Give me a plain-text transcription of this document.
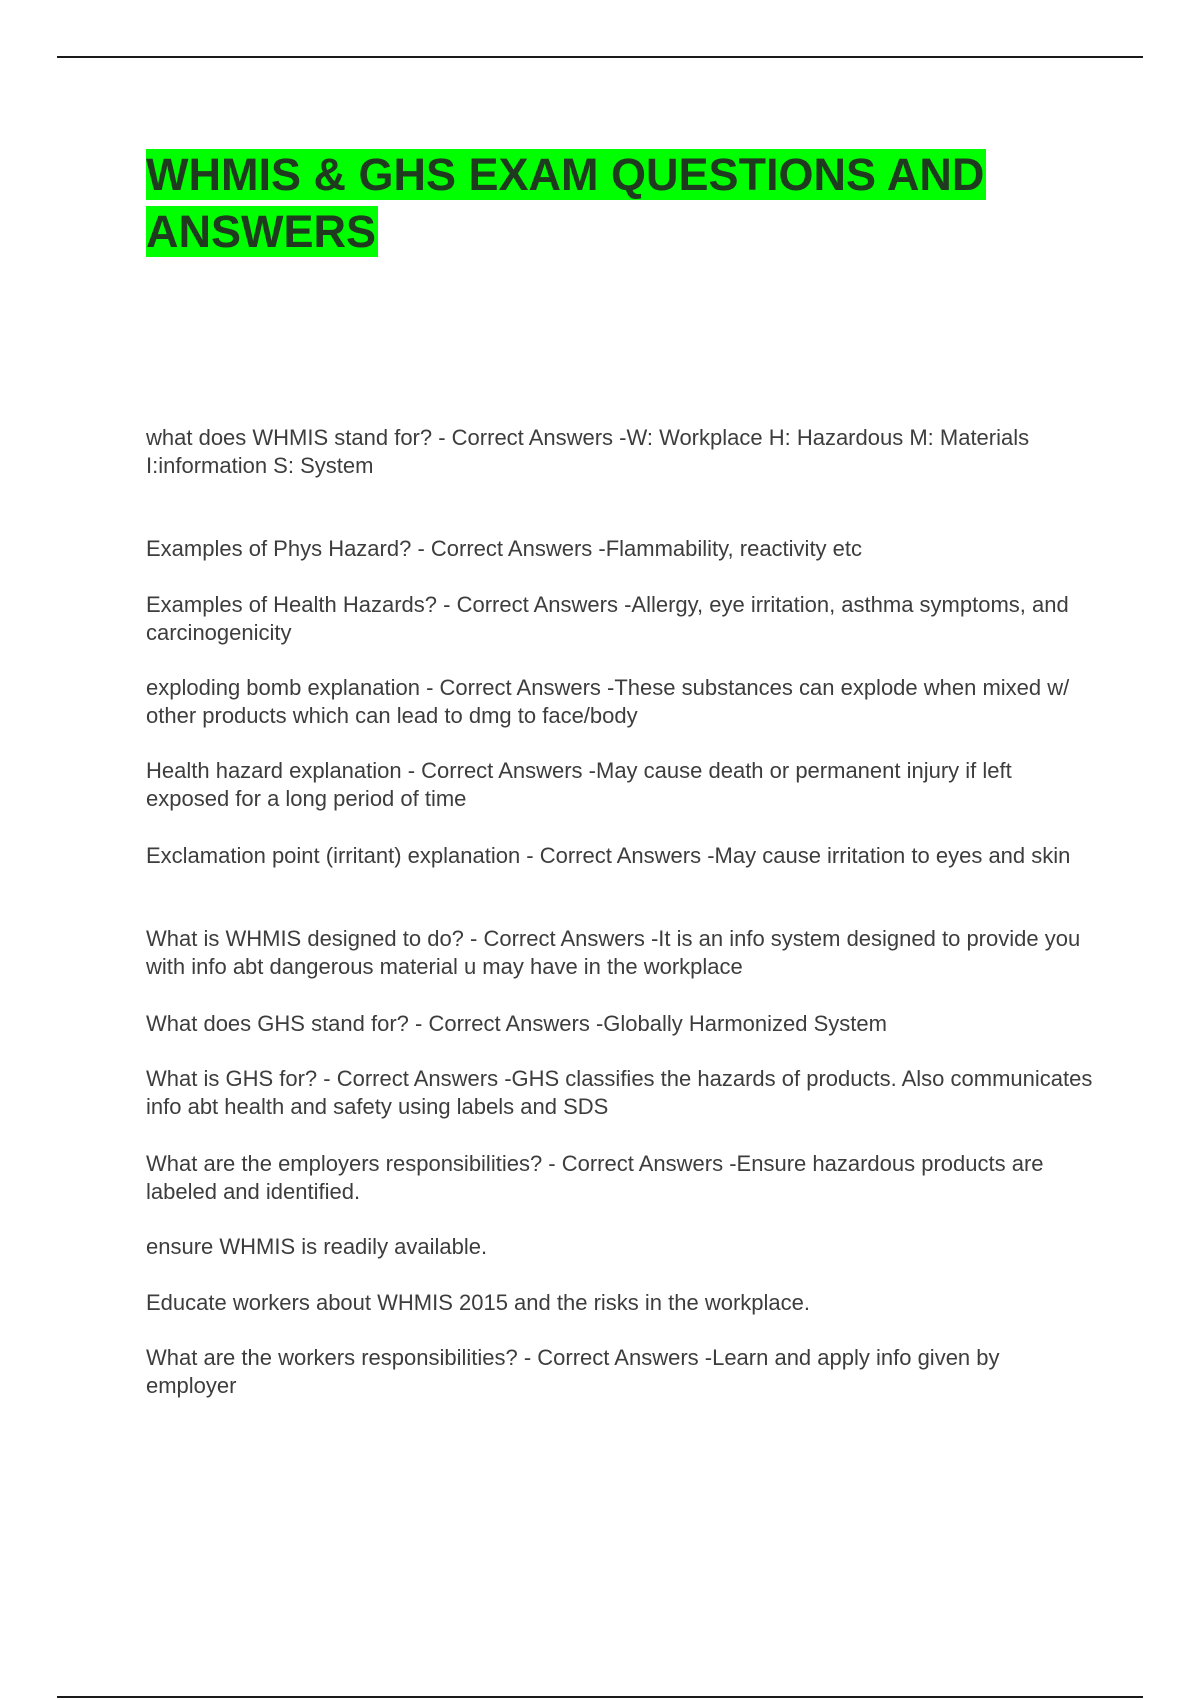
WHMIS & GHS EXAM QUESTIONS AND ANSWERS

what does WHMIS stand for? - Correct Answers -W: Workplace H: Hazardous M: Materials I:information S: System

Examples of Phys Hazard? - Correct Answers -Flammability, reactivity etc

Examples of Health Hazards? - Correct Answers -Allergy, eye irritation, asthma symptoms, and carcinogenicity

exploding bomb explanation - Correct Answers -These substances can explode when mixed w/ other products which can lead to dmg to face/body

Health hazard explanation - Correct Answers -May cause death or permanent injury if left exposed for a long period of time

Exclamation point (irritant) explanation - Correct Answers -May cause irritation to eyes and skin

What is WHMIS designed to do? - Correct Answers -It is an info system designed to provide you with info abt dangerous material u may have in the workplace

What does GHS stand for? - Correct Answers -Globally Harmonized System

What is GHS for? - Correct Answers -GHS classifies the hazards of products. Also communicates info abt health and safety using labels and SDS

What are the employers responsibilities? - Correct Answers -Ensure hazardous products are labeled and identified.

ensure WHMIS is readily available.

Educate workers about WHMIS 2015 and the risks in the workplace.

What are the workers responsibilities? - Correct Answers -Learn and apply info given by employer
